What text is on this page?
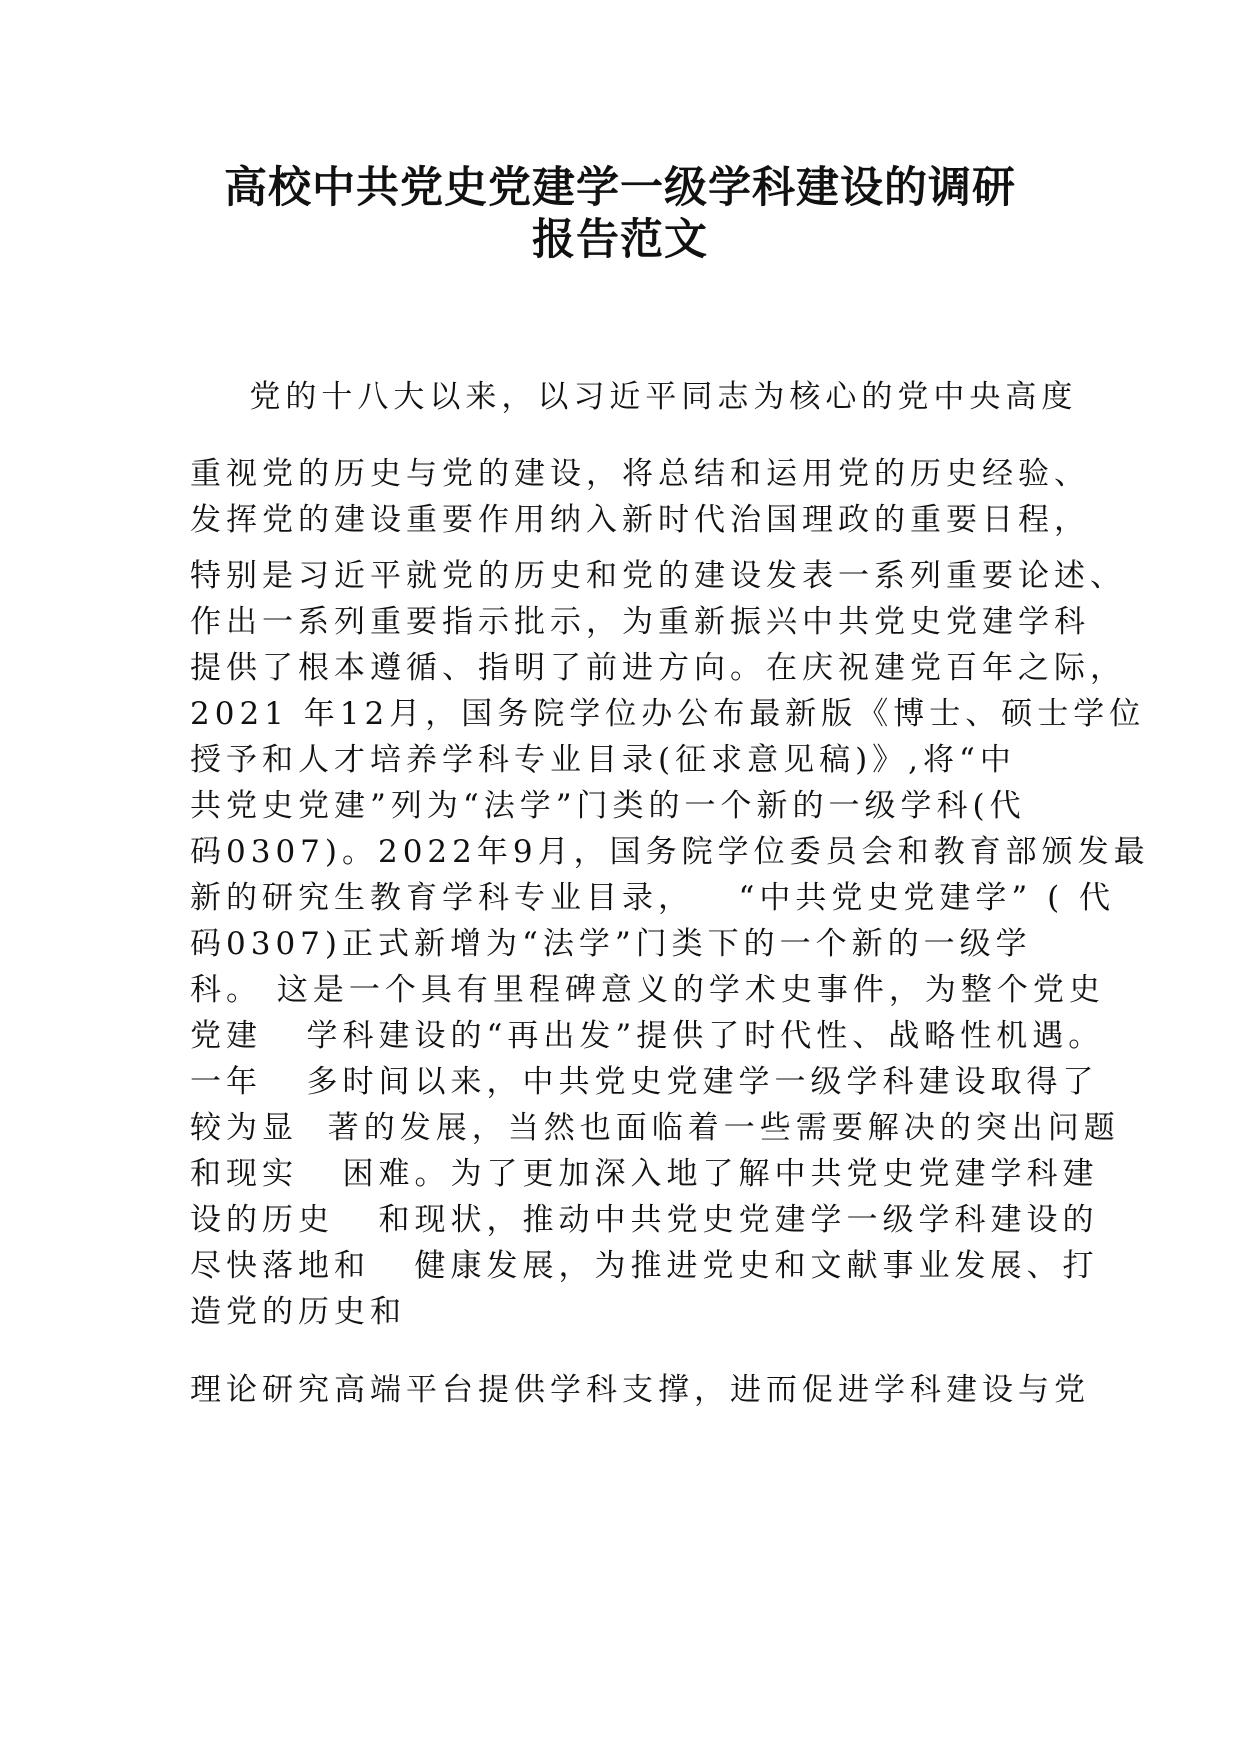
高校中共党史党建学一级学科建设的调研
报告范文

党的十八大以来，以习近平同志为核心的党中央高度

重视党的历史与党的建设，将总结和运用党的历史经验、

发挥党的建设重要作用纳入新时代治国理政的重要日程，

特别是习近平就党的历史和党的建设发表一系列重要论述、

作出一系列重要指示批示，为重新振兴中共党史党建学科

提供了根本遵循、指明了前进方向。在庆祝建党百年之际，

2021 年12月，国务院学位办公布最新版《博士、硕士学位

授予和人才培养学科专业目录(征求意见稿)》,将“中

共党史党建”列为“法学”门类的一个新的一级学科(代

码0307)。2022年9月，国务院学位委员会和教育部颁发最

新的研究生教育学科专业目录，   “中共党史党建学” ( 代

码0307)正式新增为“法学”门类下的一个新的一级学

科。 这是一个具有里程碑意义的学术史事件，为整个党史

党建   学科建设的“再出发”提供了时代性、战略性机遇。

一年   多时间以来，中共党史党建学一级学科建设取得了

较为显  著的发展，当然也面临着一些需要解决的突出问题

和现实   困难。为了更加深入地了解中共党史党建学科建

设的历史   和现状，推动中共党史党建学一级学科建设的

尽快落地和   健康发展，为推进党史和文献事业发展、打

造党的历史和

理论研究高端平台提供学科支撑，进而促进学科建设与党
